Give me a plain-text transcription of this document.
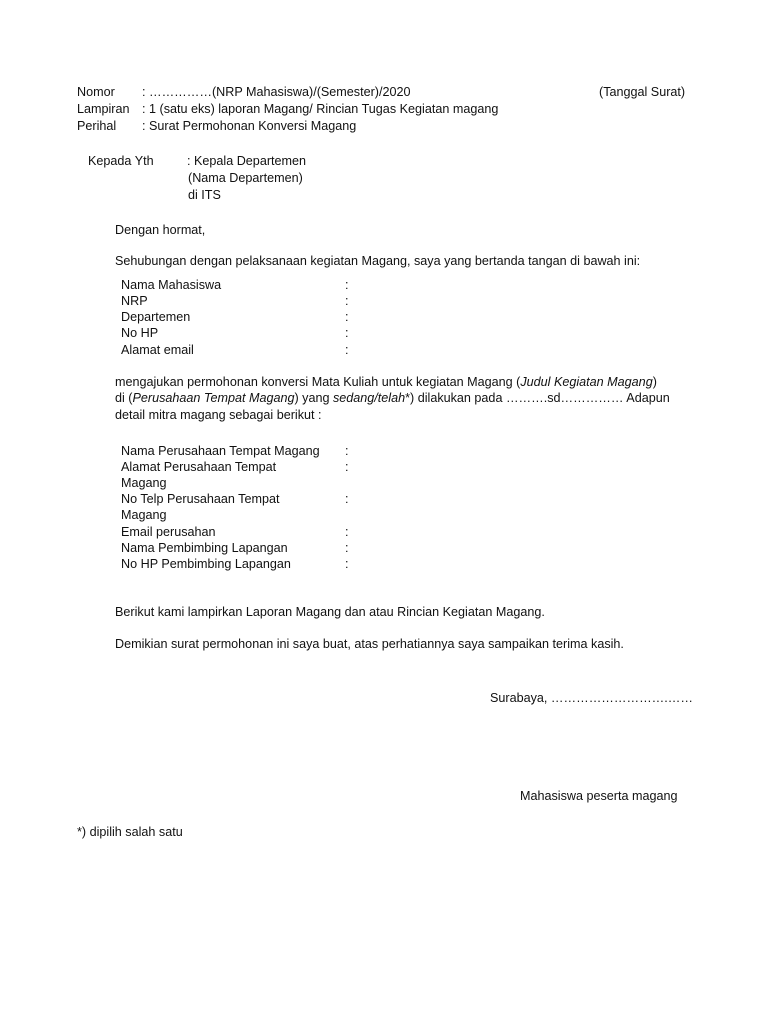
Nomor : ……………(NRP Mahasiswa)/(Semester)/2020	(Tanggal Surat)
Lampiran : 1 (satu eks) laporan Magang/ Rincian Tugas Kegiatan magang
Perihal : Surat Permohonan Konversi Magang
Kepada Yth	: Kepala Departemen
(Nama Departemen)
di ITS
Dengan hormat,
Sehubungan dengan pelaksanaan kegiatan Magang, saya yang bertanda tangan di bawah ini:
Nama Mahasiswa	:
NRP	:
Departemen	:
No HP	:
Alamat email	:
mengajukan permohonan konversi Mata Kuliah untuk kegiatan Magang (Judul Kegiatan Magang)
di (Perusahaan Tempat Magang) yang sedang/telah*) dilakukan pada ……….sd…………… Adapun
detail mitra magang sebagai berikut :
Nama Perusahaan Tempat Magang :
Alamat Perusahaan Tempat	:
Magang
No Telp Perusahaan Tempat	:
Magang
Email perusahan	:
Nama Pembimbing Lapangan	:
No HP Pembimbing Lapangan	:
Berikut kami lampirkan Laporan Magang dan atau Rincian Kegiatan Magang.
Demikian surat permohonan ini saya buat, atas perhatiannya saya sampaikan terima kasih.
Surabaya, ……………………….……
Mahasiswa peserta magang
*) dipilih salah satu
